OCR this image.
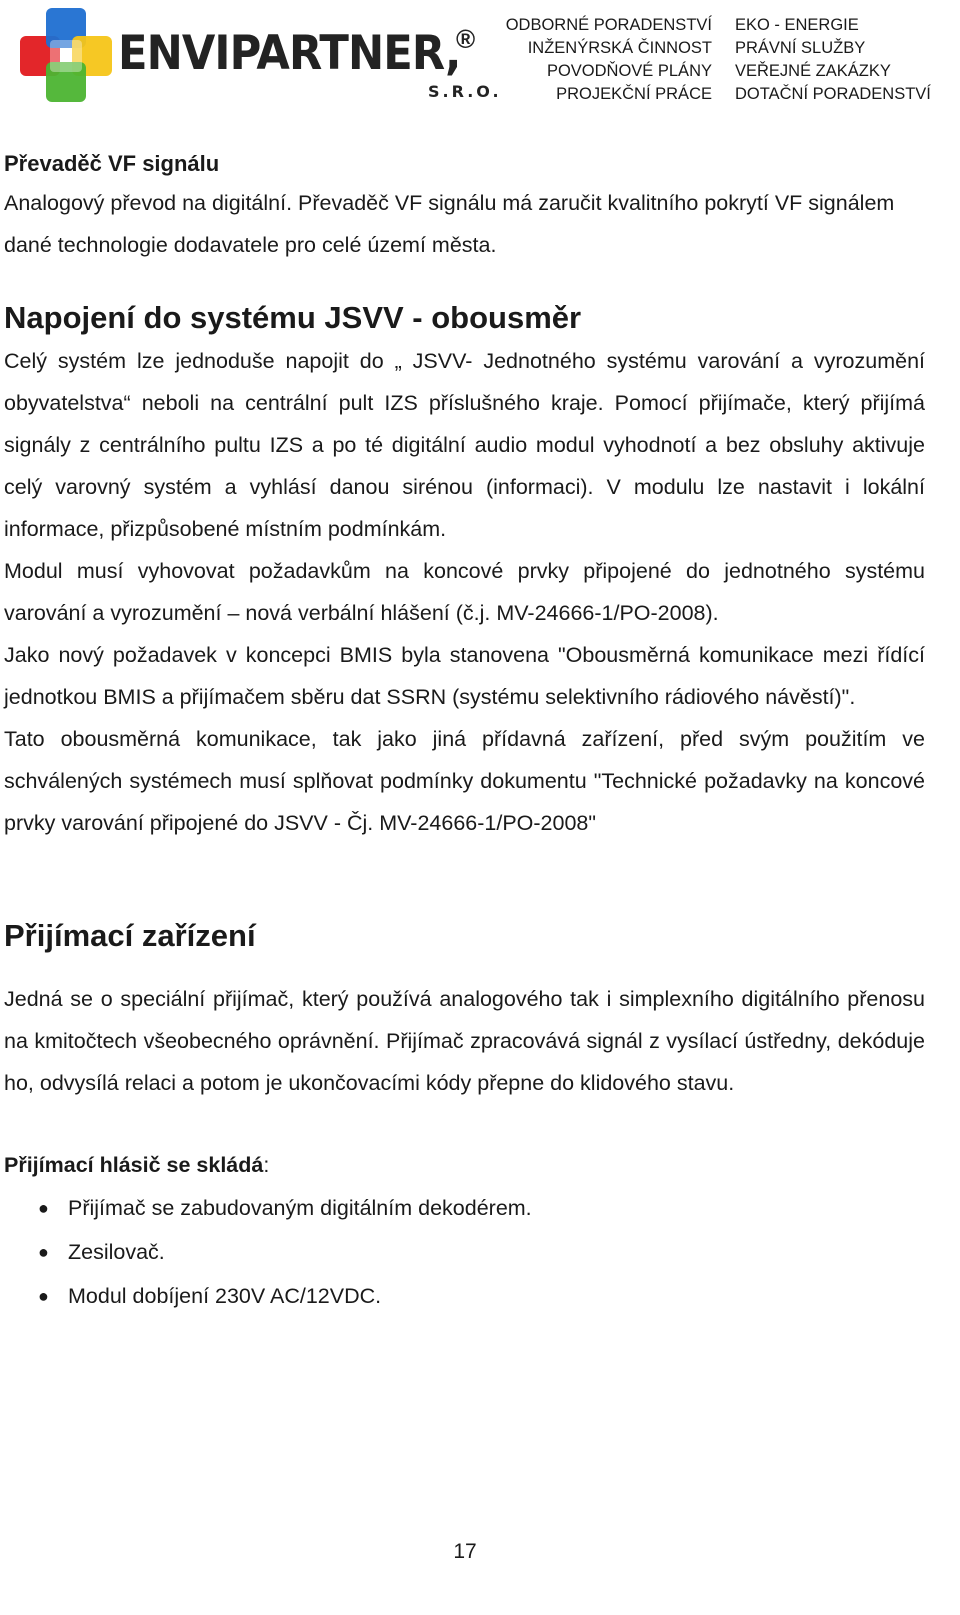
ENVIPARTNER,
®
S.R.O.
ODBORNÉ PORADENSTVÍ
INŽENÝRSKÁ ČINNOST
POVODŇOVÉ PLÁNY
PROJEKČNÍ PRÁCE
EKO - ENERGIE
PRÁVNÍ SLUŽBY
VEŘEJNÉ ZAKÁZKY
DOTAČNÍ PORADENSTVÍ

Převaděč VF signálu

Analogový převod na digitální. Převaděč VF signálu má zaručit kvalitního pokrytí VF signálem dané technologie dodavatele pro celé území města.

Napojení do systému JSVV - obousměr

Celý systém lze jednoduše napojit do „ JSVV- Jednotného systému varování a vyrozumění obyvatelstva“ neboli na centrální pult IZS příslušného kraje. Pomocí přijímače, který přijímá signály z centrálního pultu IZS a po té digitální audio modul vyhodnotí a bez obsluhy aktivuje celý varovný systém a vyhlásí danou sirénou (informaci). V modulu lze nastavit i lokální informace, přizpůsobené místním podmínkám.

Modul musí vyhovovat požadavkům na koncové prvky připojené do jednotného systému varování a vyrozumění – nová verbální hlášení (č.j. MV-24666-1/PO-2008).

Jako nový požadavek v koncepci BMIS byla stanovena "Obousměrná komunikace mezi řídící jednotkou BMIS a přijímačem sběru dat SSRN (systému selektivního rádiového návěstí)".

Tato obousměrná komunikace, tak jako jiná přídavná zařízení, před svým použitím ve schválených systémech musí splňovat podmínky dokumentu "Technické požadavky na koncové prvky varování připojené do JSVV - Čj. MV-24666-1/PO-2008"

Přijímací zařízení

Jedná se o speciální přijímač, který používá analogového tak i simplexního digitálního přenosu na kmitočtech všeobecného oprávnění. Přijímač zpracovává signál z vysílací ústředny, dekóduje ho, odvysílá relaci a potom je ukončovacími kódy přepne do klidového stavu.

Přijímací hlásič se skládá:

● Přijímač se zabudovaným digitálním dekodérem.
● Zesilovač.
● Modul dobíjení 230V AC/12VDC.
17
